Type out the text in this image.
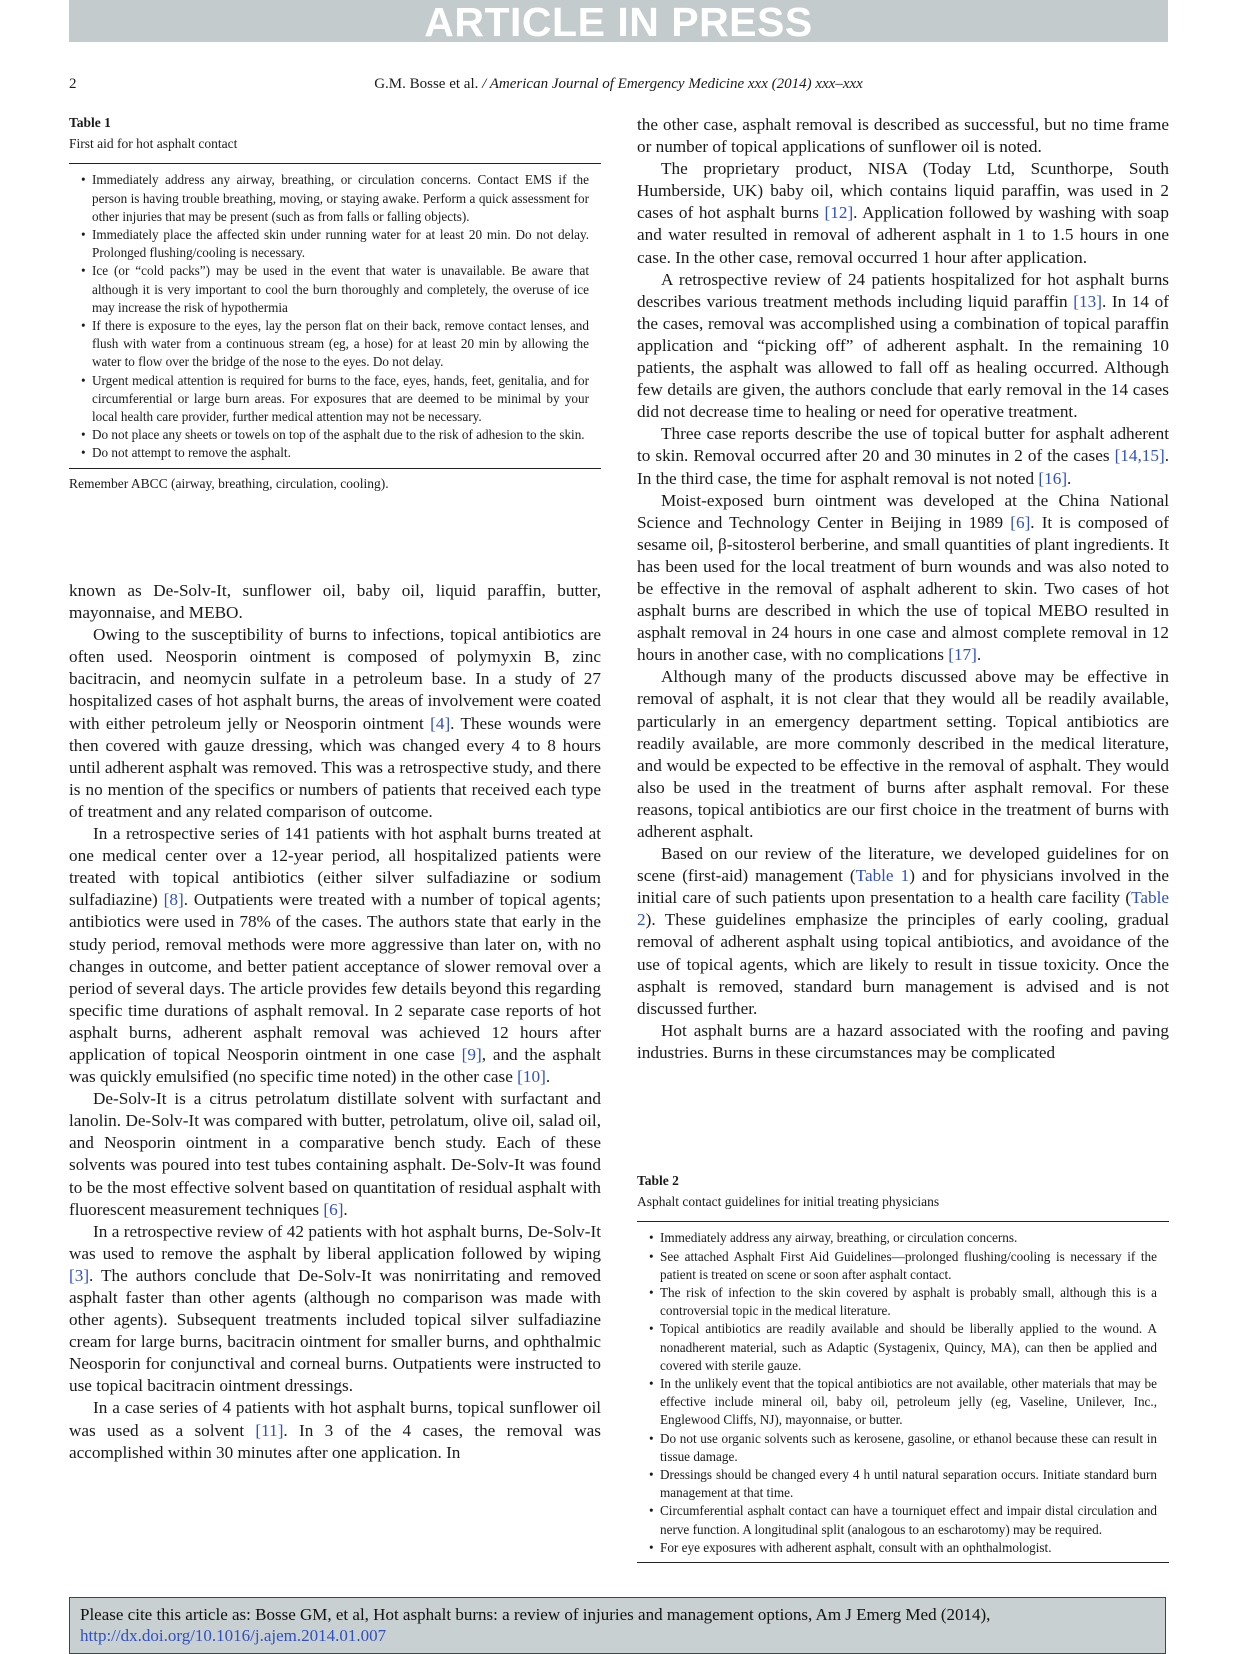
ARTICLE IN PRESS
2	G.M. Bosse et al. / American Journal of Emergency Medicine xxx (2014) xxx–xxx
Table 1
First aid for hot asphalt contact
• Immediately address any airway, breathing, or circulation concerns. Contact EMS if the person is having trouble breathing, moving, or staying awake. Perform a quick assessment for other injuries that may be present (such as from falls or falling objects).
• Immediately place the affected skin under running water for at least 20 min. Do not delay. Prolonged flushing/cooling is necessary.
• Ice (or “cold packs”) may be used in the event that water is unavailable. Be aware that although it is very important to cool the burn thoroughly and completely, the overuse of ice may increase the risk of hypothermia
• If there is exposure to the eyes, lay the person flat on their back, remove contact lenses, and flush with water from a continuous stream (eg, a hose) for at least 20 min by allowing the water to flow over the bridge of the nose to the eyes. Do not delay.
• Urgent medical attention is required for burns to the face, eyes, hands, feet, genitalia, and for circumferential or large burn areas. For exposures that are deemed to be minimal by your local health care provider, further medical attention may not be necessary.
• Do not place any sheets or towels on top of the asphalt due to the risk of adhesion to the skin.
• Do not attempt to remove the asphalt.
Remember ABCC (airway, breathing, circulation, cooling).

known as De-Solv-It, sunflower oil, baby oil, liquid paraffin, butter, mayonnaise, and MEBO.

Owing to the susceptibility of burns to infections, topical antibiotics are often used. Neosporin ointment is composed of polymyxin B, zinc bacitracin, and neomycin sulfate in a petroleum base. In a study of 27 hospitalized cases of hot asphalt burns, the areas of involvement were coated with either petroleum jelly or Neosporin ointment [4]. These wounds were then covered with gauze dressing, which was changed every 4 to 8 hours until adherent asphalt was removed. This was a retrospective study, and there is no mention of the specifics or numbers of patients that received each type of treatment and any related comparison of outcome.

In a retrospective series of 141 patients with hot asphalt burns treated at one medical center over a 12-year period, all hospitalized patients were treated with topical antibiotics (either silver sulfadiazine or sodium sulfadiazine) [8]. Outpatients were treated with a number of topical agents; antibiotics were used in 78% of the cases. The authors state that early in the study period, removal methods were more aggressive than later on, with no changes in outcome, and better patient acceptance of slower removal over a period of several days. The article provides few details beyond this regarding specific time durations of asphalt removal. In 2 separate case reports of hot asphalt burns, adherent asphalt removal was achieved 12 hours after application of topical Neosporin ointment in one case [9], and the asphalt was quickly emulsified (no specific time noted) in the other case [10].

De-Solv-It is a citrus petrolatum distillate solvent with surfactant and lanolin. De-Solv-It was compared with butter, petrolatum, olive oil, salad oil, and Neosporin ointment in a comparative bench study. Each of these solvents was poured into test tubes containing asphalt. De-Solv-It was found to be the most effective solvent based on quantitation of residual asphalt with fluorescent measurement techniques [6].

In a retrospective review of 42 patients with hot asphalt burns, De-Solv-It was used to remove the asphalt by liberal application followed by wiping [3]. The authors conclude that De-Solv-It was nonirritating and removed asphalt faster than other agents (although no comparison was made with other agents). Subsequent treatments included topical silver sulfadiazine cream for large burns, bacitracin ointment for smaller burns, and ophthalmic Neosporin for conjunctival and corneal burns. Outpatients were instructed to use topical bacitracin ointment dressings.

In a case series of 4 patients with hot asphalt burns, topical sunflower oil was used as a solvent [11]. In 3 of the 4 cases, the removal was accomplished within 30 minutes after one application. In

the other case, asphalt removal is described as successful, but no time frame or number of topical applications of sunflower oil is noted.

The proprietary product, NISA (Today Ltd, Scunthorpe, South Humberside, UK) baby oil, which contains liquid paraffin, was used in 2 cases of hot asphalt burns [12]. Application followed by washing with soap and water resulted in removal of adherent asphalt in 1 to 1.5 hours in one case. In the other case, removal occurred 1 hour after application.

A retrospective review of 24 patients hospitalized for hot asphalt burns describes various treatment methods including liquid paraffin [13]. In 14 of the cases, removal was accomplished using a combination of topical paraffin application and “picking off” of adherent asphalt. In the remaining 10 patients, the asphalt was allowed to fall off as healing occurred. Although few details are given, the authors conclude that early removal in the 14 cases did not decrease time to healing or need for operative treatment.

Three case reports describe the use of topical butter for asphalt adherent to skin. Removal occurred after 20 and 30 minutes in 2 of the cases [14,15]. In the third case, the time for asphalt removal is not noted [16].

Moist-exposed burn ointment was developed at the China National Science and Technology Center in Beijing in 1989 [6]. It is composed of sesame oil, β-sitosterol berberine, and small quantities of plant ingredients. It has been used for the local treatment of burn wounds and was also noted to be effective in the removal of asphalt adherent to skin. Two cases of hot asphalt burns are described in which the use of topical MEBO resulted in asphalt removal in 24 hours in one case and almost complete removal in 12 hours in another case, with no complications [17].

Although many of the products discussed above may be effective in removal of asphalt, it is not clear that they would all be readily available, particularly in an emergency department setting. Topical antibiotics are readily available, are more commonly described in the medical literature, and would be expected to be effective in the removal of asphalt. They would also be used in the treatment of burns after asphalt removal. For these reasons, topical antibiotics are our first choice in the treatment of burns with adherent asphalt.

Based on our review of the literature, we developed guidelines for on scene (first-aid) management (Table 1) and for physicians involved in the initial care of such patients upon presentation to a health care facility (Table 2). These guidelines emphasize the principles of early cooling, gradual removal of adherent asphalt using topical antibiotics, and avoidance of the use of topical agents, which are likely to result in tissue toxicity. Once the asphalt is removed, standard burn management is advised and is not discussed further.

Hot asphalt burns are a hazard associated with the roofing and paving industries. Burns in these circumstances may be complicated

Table 2
Asphalt contact guidelines for initial treating physicians
• Immediately address any airway, breathing, or circulation concerns.
• See attached Asphalt First Aid Guidelines—prolonged flushing/cooling is necessary if the patient is treated on scene or soon after asphalt contact.
• The risk of infection to the skin covered by asphalt is probably small, although this is a controversial topic in the medical literature.
• Topical antibiotics are readily available and should be liberally applied to the wound. A nonadherent material, such as Adaptic (Systagenix, Quincy, MA), can then be applied and covered with sterile gauze.
• In the unlikely event that the topical antibiotics are not available, other materials that may be effective include mineral oil, baby oil, petroleum jelly (eg, Vaseline, Unilever, Inc., Englewood Cliffs, NJ), mayonnaise, or butter.
• Do not use organic solvents such as kerosene, gasoline, or ethanol because these can result in tissue damage.
• Dressings should be changed every 4 h until natural separation occurs. Initiate standard burn management at that time.
• Circumferential asphalt contact can have a tourniquet effect and impair distal circulation and nerve function. A longitudinal split (analogous to an escharotomy) may be required.
• For eye exposures with adherent asphalt, consult with an ophthalmologist.
Please cite this article as: Bosse GM, et al, Hot asphalt burns: a review of injuries and management options, Am J Emerg Med (2014), http://dx.doi.org/10.1016/j.ajem.2014.01.007
